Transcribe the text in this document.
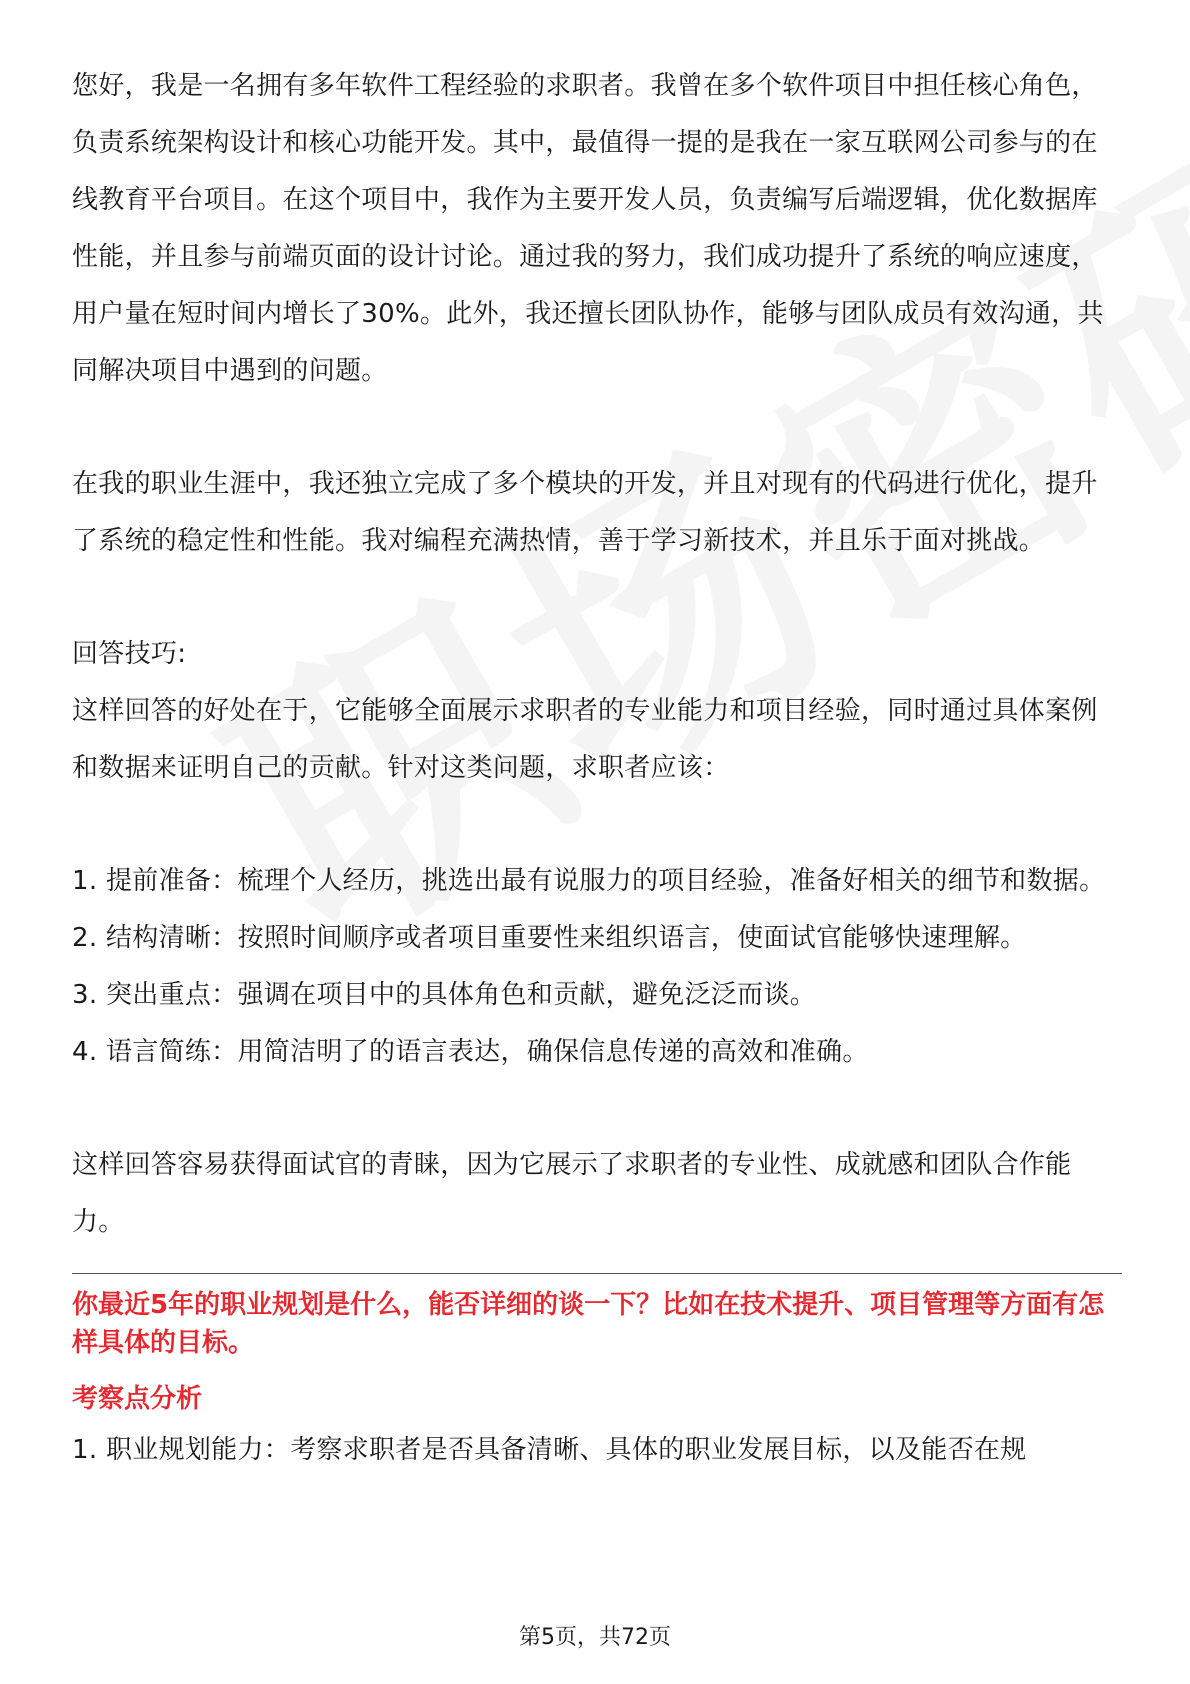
您好，我是一名拥有多年软件工程经验的求职者。我曾在多个软件项目中担任核心角色，负责系统架构设计和核心功能开发。其中，最值得一提的是我在一家互联网公司参与的在线教育平台项目。在这个项目中，我作为主要开发人员，负责编写后端逻辑，优化数据库性能，并且参与前端页面的设计讨论。通过我的努力，我们成功提升了系统的响应速度，用户量在短时间内增长了30%。此外，我还擅长团队协作，能够与团队成员有效沟通，共同解决项目中遇到的问题。

在我的职业生涯中，我还独立完成了多个模块的开发，并且对现有的代码进行优化，提升了系统的稳定性和性能。我对编程充满热情，善于学习新技术，并且乐于面对挑战。

回答技巧:

这样回答的好处在于，它能够全面展示求职者的专业能力和项目经验，同时通过具体案例和数据来证明自己的贡献。针对这类问题，求职者应该：

1. 提前准备：梳理个人经历，挑选出最有说服力的项目经验，准备好相关的细节和数据。

2. 结构清晰：按照时间顺序或者项目重要性来组织语言，使面试官能够快速理解。

3. 突出重点：强调在项目中的具体角色和贡献，避免泛泛而谈。

4. 语言简练：用简洁明了的语言表达，确保信息传递的高效和准确。

这样回答容易获得面试官的青睐，因为它展示了求职者的专业性、成就感和团队合作能力。

你最近5年的职业规划是什么，能否详细的谈一下？比如在技术提升、项目管理等方面有怎样具体的目标。

考察点分析

1. 职业规划能力：考察求职者是否具备清晰、具体的职业发展目标，以及能否在规

第5页，共72页
